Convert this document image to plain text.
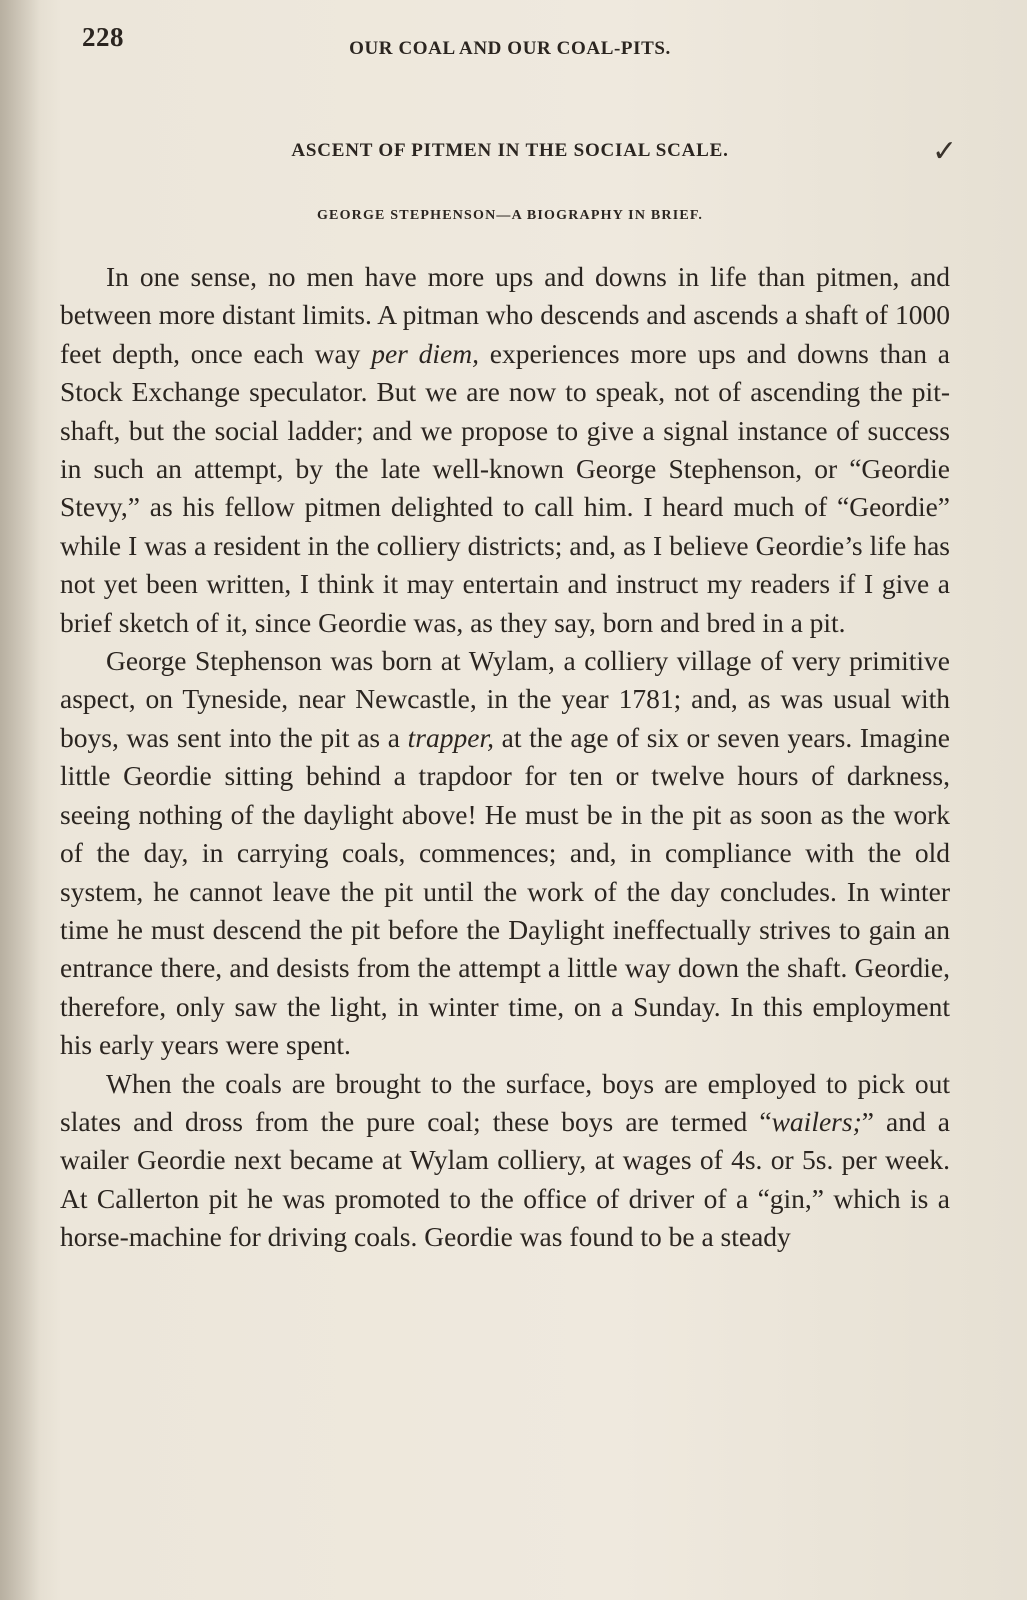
228	OUR COAL AND OUR COAL-PITS.
ASCENT OF PITMEN IN THE SOCIAL SCALE.	✓
GEORGE STEPHENSON—A BIOGRAPHY IN BRIEF.

In one sense, no men have more ups and downs in life than pitmen, and between more distant limits. A pitman who descends and ascends a shaft of 1000 feet depth, once each way per diem, experiences more ups and downs than a Stock Exchange speculator. But we are now to speak, not of ascending the pit-shaft, but the social ladder; and we propose to give a signal instance of success in such an attempt, by the late well-known George Stephenson, or “Geordie Stevy,” as his fellow pitmen delighted to call him. I heard much of “Geordie” while I was a resident in the colliery districts; and, as I believe Geordie’s life has not yet been written, I think it may entertain and instruct my readers if I give a brief sketch of it, since Geordie was, as they say, born and bred in a pit.

George Stephenson was born at Wylam, a colliery village of very primitive aspect, on Tyneside, near Newcastle, in the year 1781; and, as was usual with boys, was sent into the pit as a trapper, at the age of six or seven years. Imagine little Geordie sitting behind a trapdoor for ten or twelve hours of darkness, seeing nothing of the daylight above! He must be in the pit as soon as the work of the day, in carrying coals, commences; and, in compliance with the old system, he cannot leave the pit until the work of the day concludes. In winter time he must descend the pit before the Daylight ineffectually strives to gain an entrance there, and desists from the attempt a little way down the shaft. Geordie, therefore, only saw the light, in winter time, on a Sunday. In this employment his early years were spent.

When the coals are brought to the surface, boys are employed to pick out slates and dross from the pure coal; these boys are termed “wailers;” and a wailer Geordie next became at Wylam colliery, at wages of 4s. or 5s. per week. At Callerton pit he was promoted to the office of driver of a “gin,” which is a horse-machine for driving coals. Geordie was found to be a steady
